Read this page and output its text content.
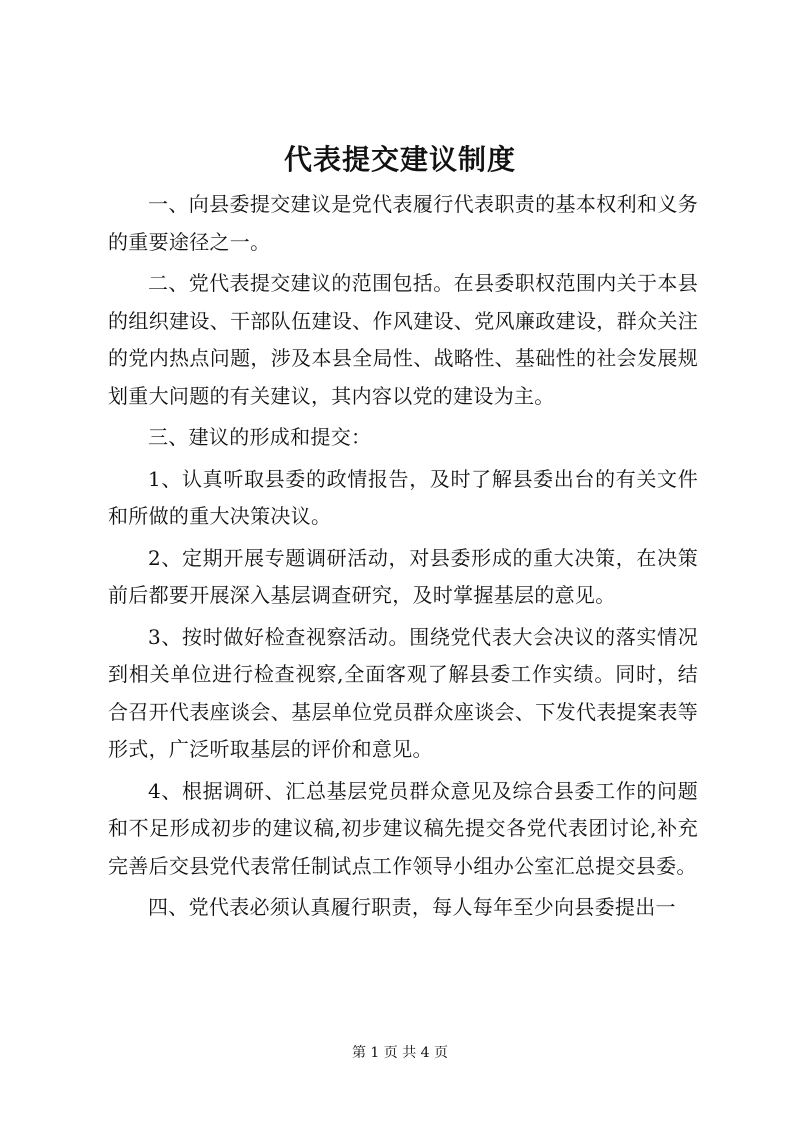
代表提交建议制度

一、向县委提交建议是党代表履行代表职责的基本权利和义务的重要途径之一。

二、党代表提交建议的范围包括。在县委职权范围内关于本县的组织建设、干部队伍建设、作风建设、党风廉政建设，群众关注的党内热点问题，涉及本县全局性、战略性、基础性的社会发展规划重大问题的有关建议，其内容以党的建设为主。

三、建议的形成和提交：

1、认真听取县委的政情报告，及时了解县委出台的有关文件和所做的重大决策决议。

2、定期开展专题调研活动，对县委形成的重大决策，在决策前后都要开展深入基层调查研究，及时掌握基层的意见。

3、按时做好检查视察活动。围绕党代表大会决议的落实情况到相关单位进行检查视察,全面客观了解县委工作实绩。同时，结合召开代表座谈会、基层单位党员群众座谈会、下发代表提案表等形式，广泛听取基层的评价和意见。

4、根据调研、汇总基层党员群众意见及综合县委工作的问题和不足形成初步的建议稿,初步建议稿先提交各党代表团讨论,补充完善后交县党代表常任制试点工作领导小组办公室汇总提交县委。

四、党代表必须认真履行职责，每人每年至少向县委提出一

第 1 页 共 4 页
